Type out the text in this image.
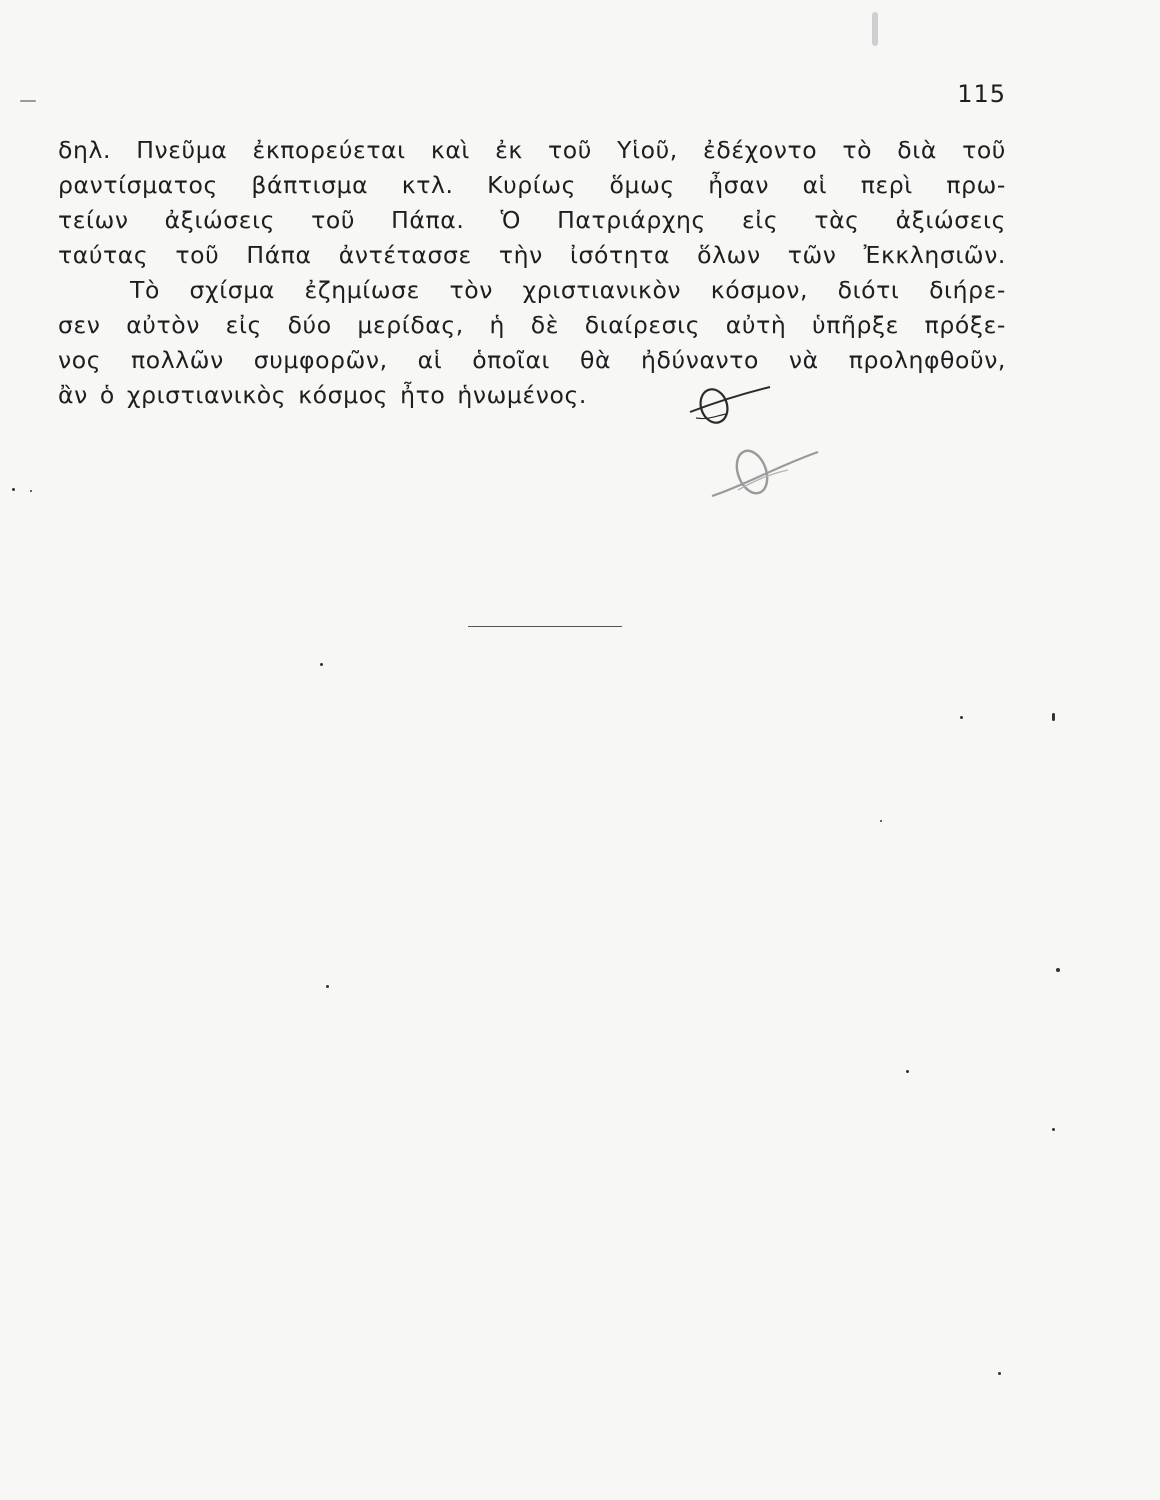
115
δηλ. Πνεῦμα ἐκπορεύεται καὶ ἐκ τοῦ Υἱοῦ, ἐδέχοντο τὸ διὰ τοῦ
ραντίσματος βάπτισμα κτλ. Κυρίως ὅμως ἦσαν αἱ περὶ πρω-
τείων ἀξιώσεις τοῦ Πάπα. Ὁ Πατριάρχης εἰς τὰς ἀξιώσεις
ταύτας τοῦ Πάπα ἀντέτασσε τὴν ἰσότητα ὅλων τῶν Ἐκκλησιῶν.
Τὸ σχίσμα ἐζημίωσε τὸν χριστιανικὸν κόσμον, διότι διήρε-
σεν αὐτὸν εἰς δύο μερίδας, ἡ δὲ διαίρεσις αὐτὴ ὑπῆρξε πρόξε-
νος πολλῶν συμφορῶν, αἱ ὁποῖαι θὰ ἠδύναντο νὰ προληφθοῦν,
ἂν ὁ χριστιανικὸς κόσμος ἦτο ἡνωμένος.
